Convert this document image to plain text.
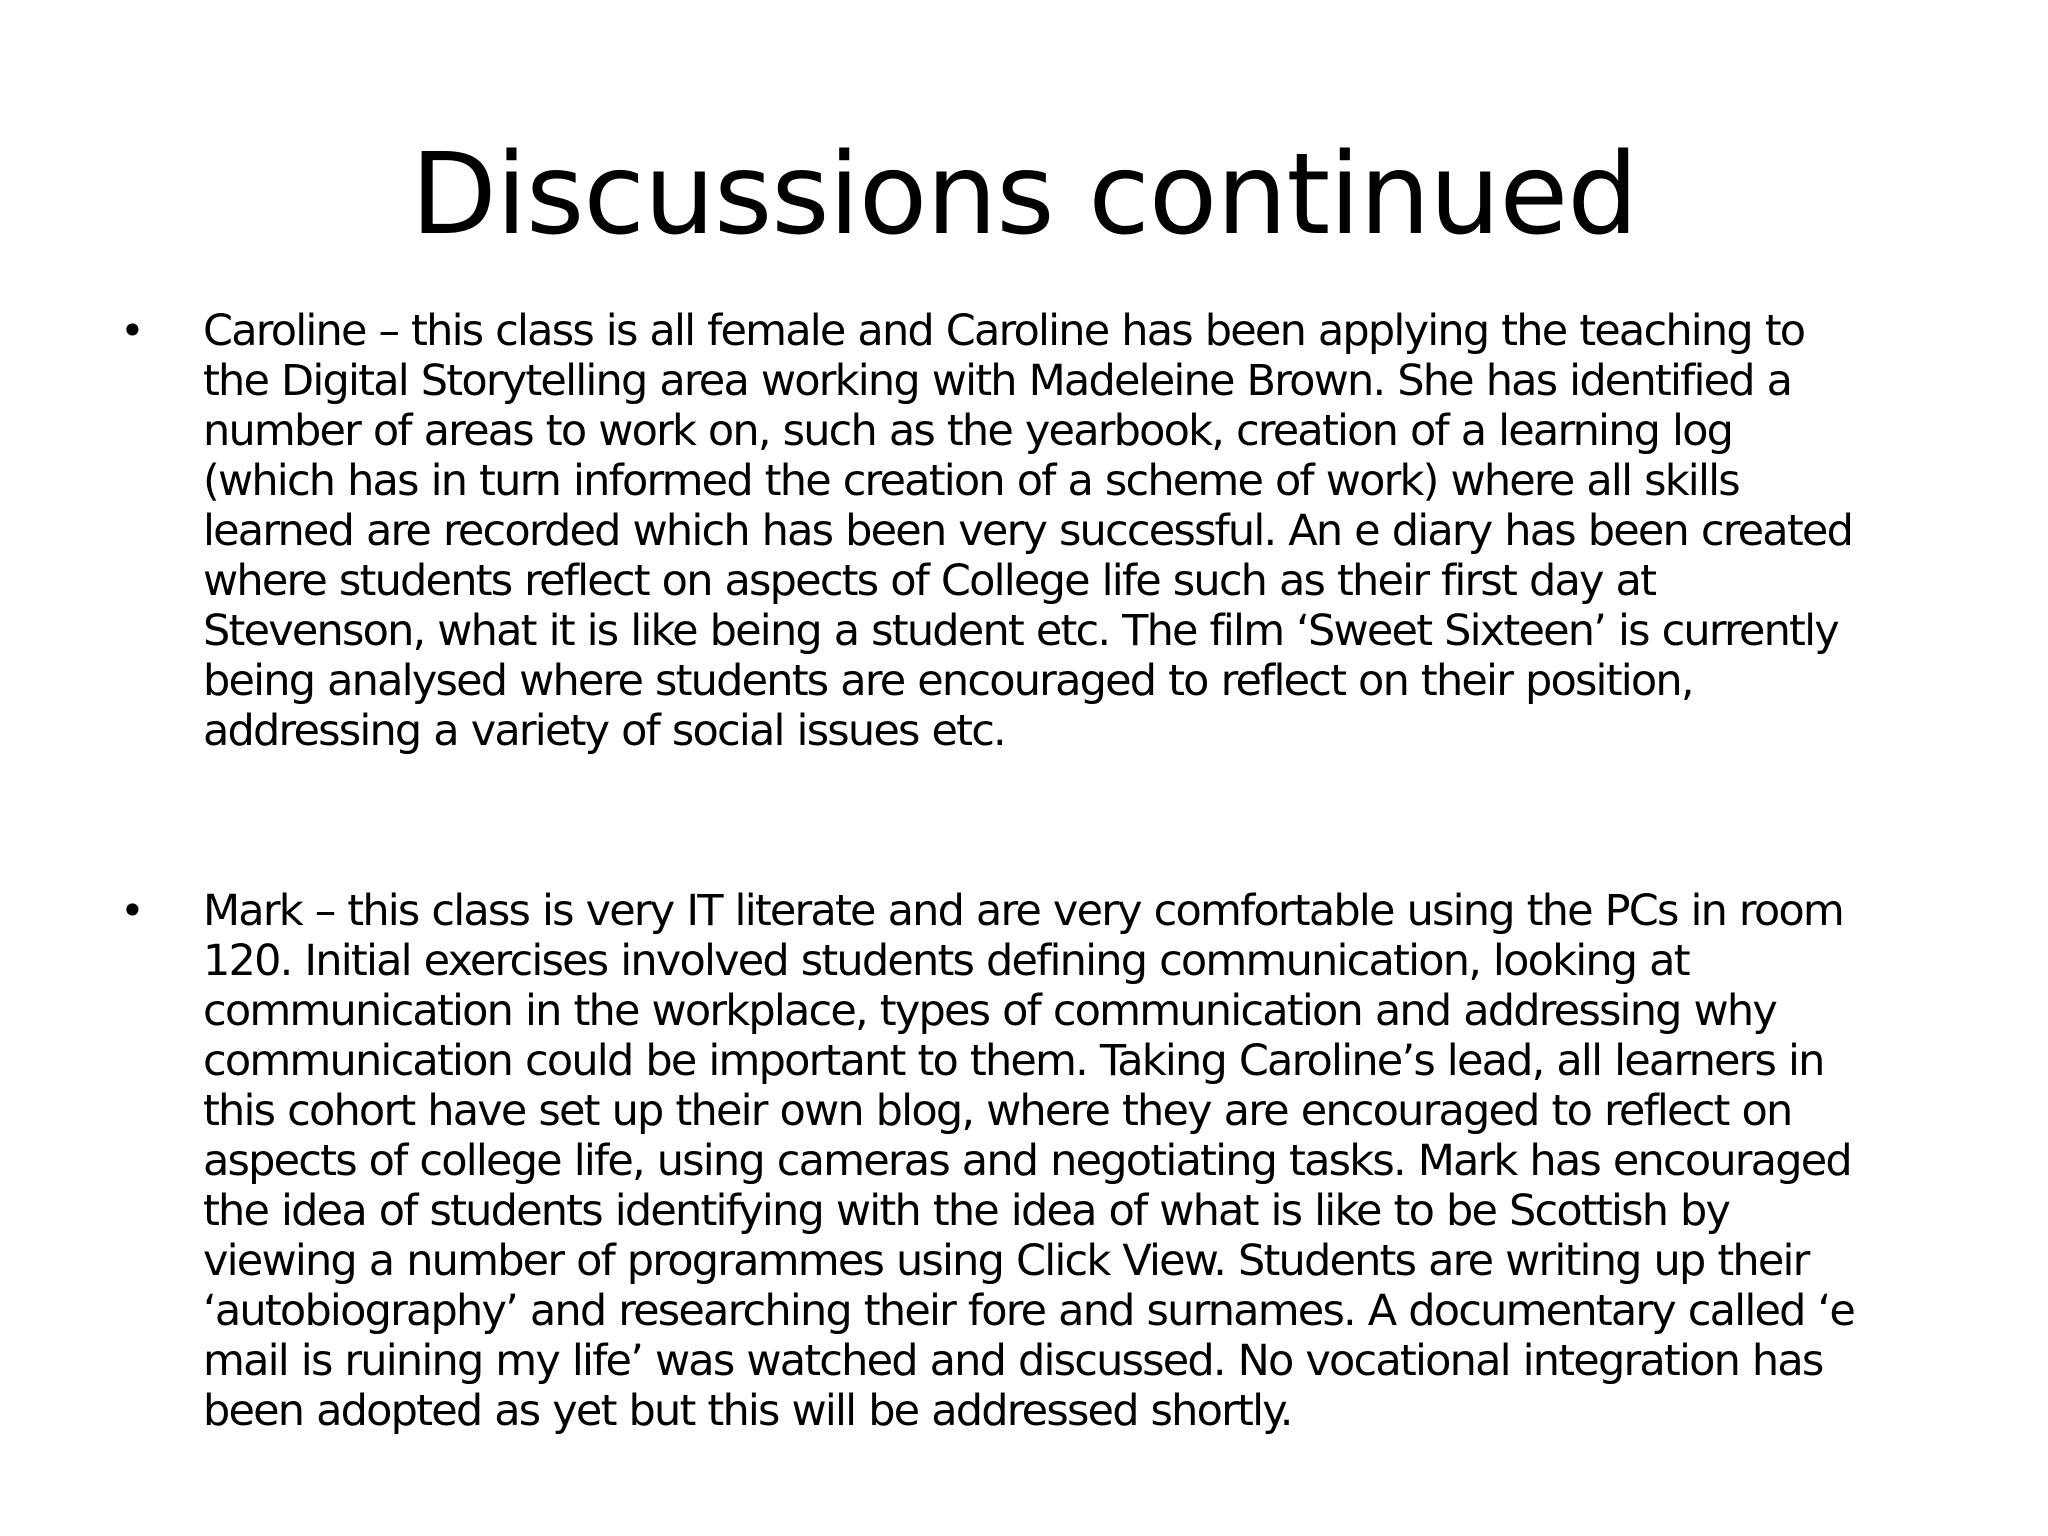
Discussions continued
• Caroline – this class is all female and Caroline has been applying the teaching to
the Digital Storytelling area working with Madeleine Brown. She has identified a
number of areas to work on, such as the yearbook, creation of a learning log
(which has in turn informed the creation of a scheme of work) where all skills
learned are recorded which has been very successful. An e diary has been created
where students reflect on aspects of College life such as their first day at
Stevenson, what it is like being a student etc. The film ‘Sweet Sixteen’ is currently
being analysed where students are encouraged to reflect on their position,
addressing a variety of social issues etc.

• Mark – this class is very IT literate and are very comfortable using the PCs in room
120. Initial exercises involved students defining communication, looking at
communication in the workplace, types of communication and addressing why
communication could be important to them. Taking Caroline’s lead, all learners in
this cohort have set up their own blog, where they are encouraged to reflect on
aspects of college life, using cameras and negotiating tasks. Mark has encouraged
the idea of students identifying with the idea of what is like to be Scottish by
viewing a number of programmes using Click View. Students are writing up their
‘autobiography’ and researching their fore and surnames. A documentary called ‘e
mail is ruining my life’ was watched and discussed. No vocational integration has
been adopted as yet but this will be addressed shortly.
